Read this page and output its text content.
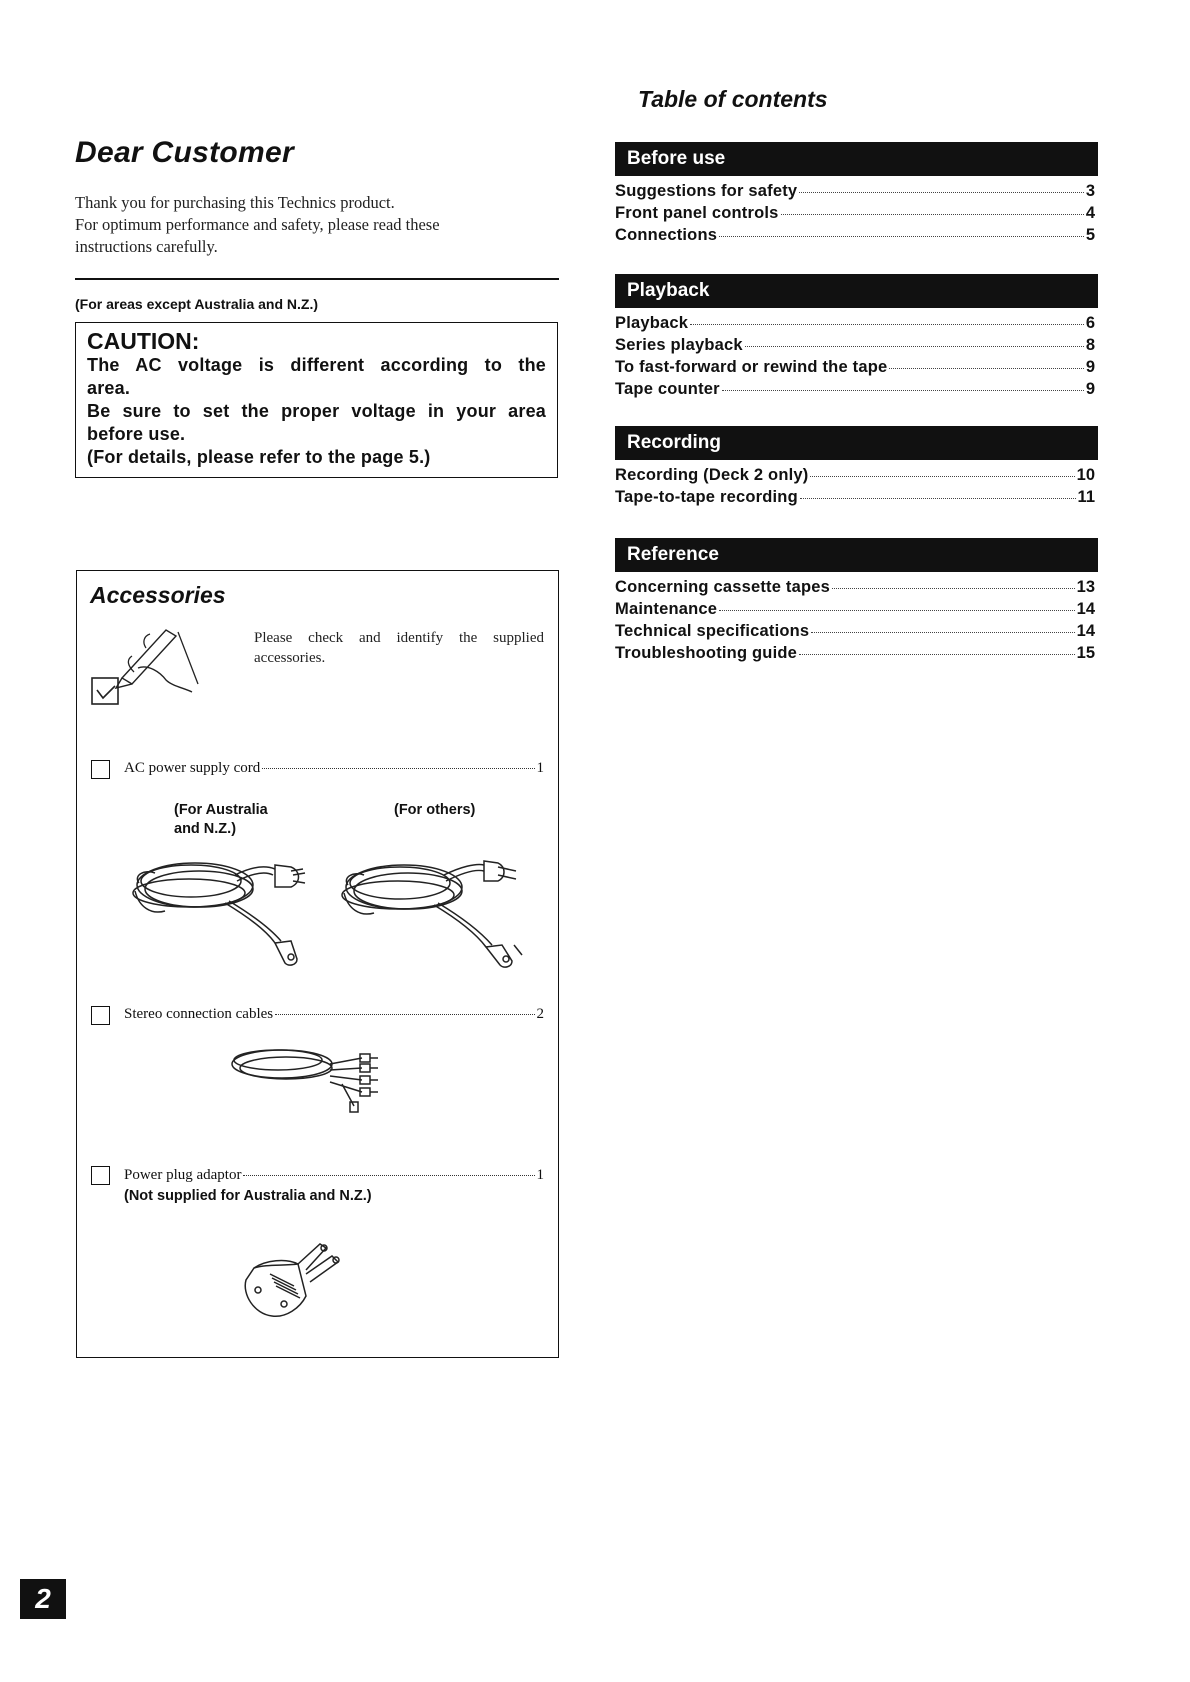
Dear Customer
Thank you for purchasing this Technics product.
For optimum performance and safety, please read these
instructions carefully.
(For areas except Australia and N.Z.)
CAUTION:
The AC voltage is different according to the
area.
Be sure to set the proper voltage in your area
before use.
(For details, please refer to the page 5.)
Accessories
Please check and identify the supplied
accessories.
AC power supply cord	1
(For Australia
and N.Z.)
(For others)
Stereo connection cables	2
Power plug adaptor	1
(Not supplied for Australia and N.Z.)
Table of contents
Before use
Suggestions for safety	3
Front panel controls	4
Connections	5
Playback
Playback	6
Series playback	8
To fast-forward or rewind the tape	9
Tape counter	9
Recording
Recording (Deck 2 only)	10
Tape-to-tape recording	11
Reference
Concerning cassette tapes	13
Maintenance	14
Technical specifications	14
Troubleshooting guide	15
2
